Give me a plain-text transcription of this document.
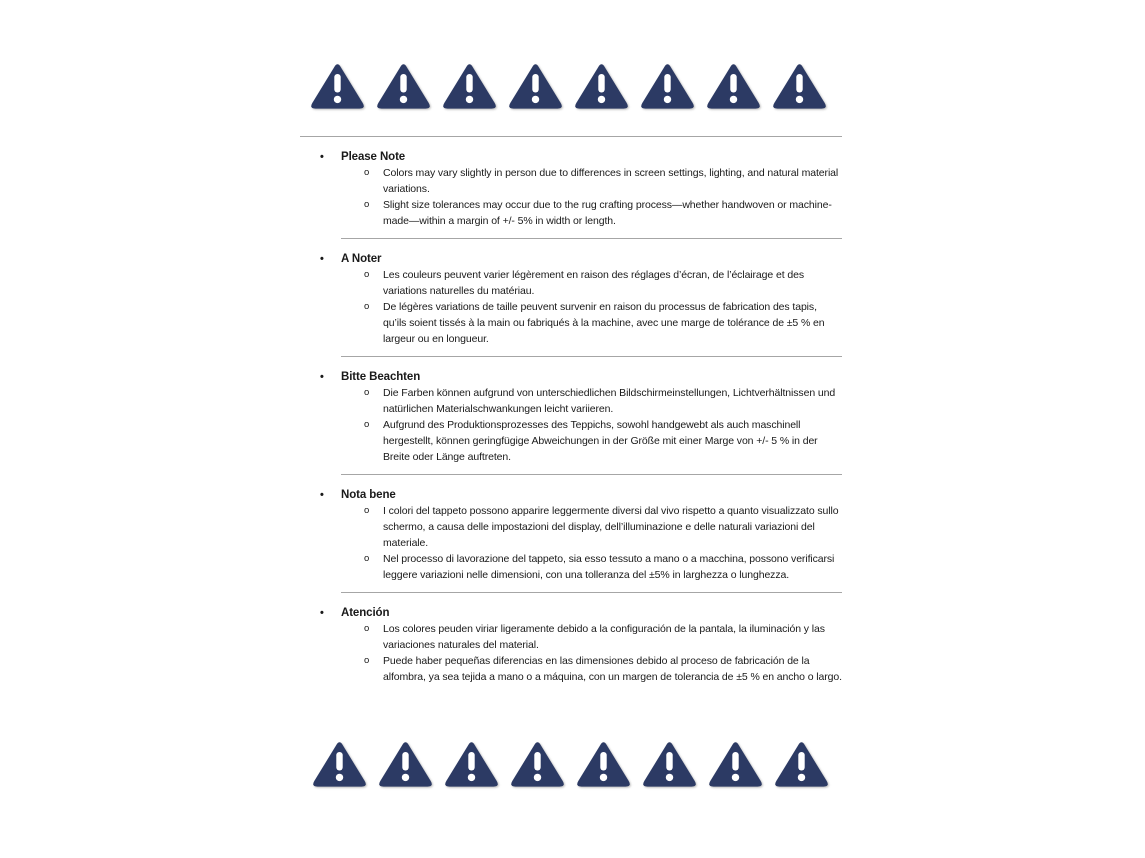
•	Please Note
o	Colors may vary slightly in person due to differences in screen settings, lighting, and natural material variations.
o	Slight size tolerances may occur due to the rug crafting process—whether handwoven or machine-made—within a margin of +/- 5% in width or length.
•	A Noter
o	Les couleurs peuvent varier légèrement en raison des réglages d’écran, de l’éclairage et des variations naturelles du matériau.
o	De légères variations de taille peuvent survenir en raison du processus de fabrication des tapis, qu’ils soient tissés à la main ou fabriqués à la machine, avec une marge de tolérance de ±5 % en largeur ou en longueur.
•	Bitte Beachten
o	Die Farben können aufgrund von unterschiedlichen Bildschirmeinstellungen, Lichtverhältnissen und natürlichen Materialschwankungen leicht variieren.
o	Aufgrund des Produktionsprozesses des Teppichs, sowohl handgewebt als auch maschinell hergestellt, können geringfügige Abweichungen in der Größe mit einer Marge von +/- 5 % in der Breite oder Länge auftreten.
•	Nota bene
o	I colori del tappeto possono apparire leggermente diversi dal vivo rispetto a quanto visualizzato sullo schermo, a causa delle impostazioni del display, dell’illuminazione e delle naturali variazioni del materiale.
o	Nel processo di lavorazione del tappeto, sia esso tessuto a mano o a macchina, possono verificarsi leggere variazioni nelle dimensioni, con una tolleranza del ±5% in larghezza o lunghezza.
•	Atención
o	Los colores peuden viriar ligeramente debido a la configuración de la pantala, la iluminación y las variaciones naturales del material.
o	Puede haber pequeñas diferencias en las dimensiones debido al proceso de fabricación de la alfombra, ya sea tejida a mano o a máquina, con un margen de tolerancia de ±5 % en ancho o largo.
